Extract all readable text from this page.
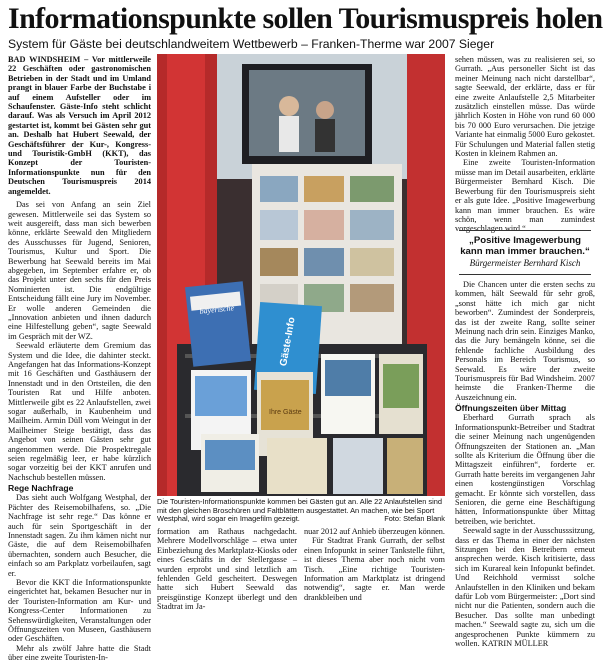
Informationspunkte sollen Tourismuspreis holen
System für Gäste bei deutschlandweitem Wettbewerb – Franken-Therme war 2007 Sieger

BAD WINDSHEIM – Vor mittlerweile 22 Geschäften oder gastronomischen Betrieben in der Stadt und im Umland prangt in blauer Farbe der Buchstabe i auf einem Aufsteller oder im Schaufenster. Gäste-Info steht schlicht darauf. Was als Versuch im April 2012 gestartet ist, kommt bei Gästen sehr gut an. Deshalb hat Hubert Seewald, der Geschäftsführer der Kur-, Kongress- und Touristik-GmbH (KKT), das Konzept der Touristen-Informationspunkte nun für den Deutschen Tourismuspreis 2014 angemeldet.

Das sei von Anfang an sein Ziel gewesen. Mittlerweile sei das System so weit ausgereift, dass man sich bewerben könne, erklärte Seewald den Mitgliedern des Ausschusses für Jugend, Senioren, Tourismus, Kultur und Sport. Die Bewerbung hat Seewald bereits im Mai abgegeben, im September erfahre er, ob das Projekt unter den sechs für den Preis Nominierten ist. Die endgültige Entscheidung fällt eine Jury im November. Er wolle anderen Gemeinden die „Innovation anbieten und ihnen dadurch eine Hilfestellung geben“, sagte Seewald im Gespräch mit der WZ.

Seewald erläuterte dem Gremium das System und die Idee, die dahinter steckt. Angefangen hat das Informations-Konzept mit 16 Geschäften und Gasthäusern der Innenstadt und in den Ortsteilen, die den Touristen Rat und Hilfe anboten. Mittlerweile gibt es 22 Anlaufstellen, zwei sogar außerhalb, in Kaubenheim und Mailheim. Armin Düll vom Weingut in der Mailheimer Steige bestätigt, dass das Angebot von seinen Gästen sehr gut angenommen werde. Die Prospektregale seien regelmäßig leer, er habe kürzlich sogar vorzeitig bei der KKT anrufen und Nachschub bestellen müssen.

Rege Nachfrage

Das sieht auch Wolfgang Westphal, der Pächter des Reisemobilhafens, so. „Die Nachfrage ist sehr rege.“ Das könne er auch für sein Sportgeschäft in der Innenstadt sagen. Zu ihm kämen nicht nur Gäste, die auf dem Reisemobilhafen übernachten, sondern auch Besucher, die einfach so am Parkplatz vorbeilaufen, sagt er.

Bevor die KKT die Informationspunkte eingerichtet hat, bekamen Besucher nur in der Touristen-Information am Kur- und Kongress-Center Informationen zu Sehenswürdigkeiten, Veranstaltungen oder Öffnungszeiten von Museen, Gasthäusern oder Geschäften.

Mehr als zwölf Jahre hatte die Stadt über eine zweite Touristen-In-

Gäste-Info
bayerische
Ihre Gäste
Die Touristen-Informationspunkte kommen bei Gästen gut an. Alle 22 Anlaufstellen sind mit den gleichen Broschüren und Faltblättern ausgestattet. An machen, wie bei Sport Westphal, wird sogar ein Imagefilm gezeigt.	Foto: Stefan Blank

formation am Rathaus nachgedacht. Mehrere Modellvorschläge – etwa unter Einbeziehung des Marktplatz-Kiosks oder eines Geschäfts in der Stellergasse – wurden erprobt und sind letztlich am fehlenden Geld gescheitert. Deswegen hatte sich Hubert Seewald das preisgünstige Konzept überlegt und den Stadtrat im Ja-

nuar 2012 auf Anhieb überzeugen können.

Für Stadtrat Frank Gurrath, der selbst einen Infopunkt in seiner Tankstelle führt, ist dieses Thema aber noch nicht vom Tisch. „Eine richtige Touristen-Information am Marktplatz ist dringend notwendig“, sagte er. Man werde drankbleiben und

sehen müssen, was zu realisieren sei, so Gurrath. „Aus personeller Sicht ist das meiner Meinung nach nicht darstellbar“, sagte Seewald, der erklärte, dass er für eine zweite Anlaufstelle 2,5 Mitarbeiter zusätzlich einstellen müsse. Das würde jährlich Kosten in Höhe von rund 60 000 bis 70 000 Euro verursachen. Die jetzige Variante hat einmalig 5000 Euro gekostet. Für Schulungen und Material fallen stetig Kosten in kleinem Rahmen an.

Eine zweite Touristen-Information müsse man im Detail ausarbeiten, erklärte Bürgermeister Bernhard Kisch. Die Bewerbung für den Tourismuspreis sieht er als gute Idee. „Positive Imagewerbung kann man immer brauchen. Es wäre schön, wenn man zumindest vorgeschlagen wird.“

„Positive Imagewerbung kann man immer brauchen.“
Bürgermeister Bernhard Kisch

Die Chancen unter die ersten sechs zu kommen, hält Seewald für sehr groß, „sonst hätte ich mich gar nicht beworben“. Zumindest der Sonderpreis, das ist der zweite Rang, sollte seiner Meinung nach drin sein. Einziges Manko, das die Jury bemängeln könne, sei die fehlende fachliche Ausbildung des Personals im Bereich Tourismus, so Seewald. Es wäre der zweite Tourismuspreis für Bad Windsheim. 2007 heimste die Franken-Therme die Auszeichnung ein.

Öffnungszeiten über Mittag

Eberhard Gurrath sprach als Informationspunkt-Betreiber und Stadtrat die seiner Meinung nach ungenügenden Öffnungszeiten der Stationen an. „Man sollte als Kriterium die Öffnung über die Mittagszeit einführen“, forderte er. Gurrath hatte bereits im vergangenen Jahr einen kostengünstigen Vorschlag gemacht. Er könnte sich vorstellen, dass Senioren, die gerne eine Beschäftigung hätten, Informationspunkte über Mittag betreiben, wie berichtet.

Seewald sagte in der Ausschusssitzung, dass er das Thema in einer der nächsten Sitzungen bei den Betreibern erneut ansprechen werde. Kisch kritisierte, dass sich im Kurareal kein Infopunkt befindet. Und Reichhold vermisst solche Anlaufstellen in den Kliniken und bekam dafür Lob vom Bürgermeister: „Dort sind nicht nur die Patienten, sondern auch die Besucher. Das sollte man unbedingt machen.“ Seewald sagte zu, sich um die angesprochenen Punkte kümmern zu wollen. KATRIN MÜLLER
